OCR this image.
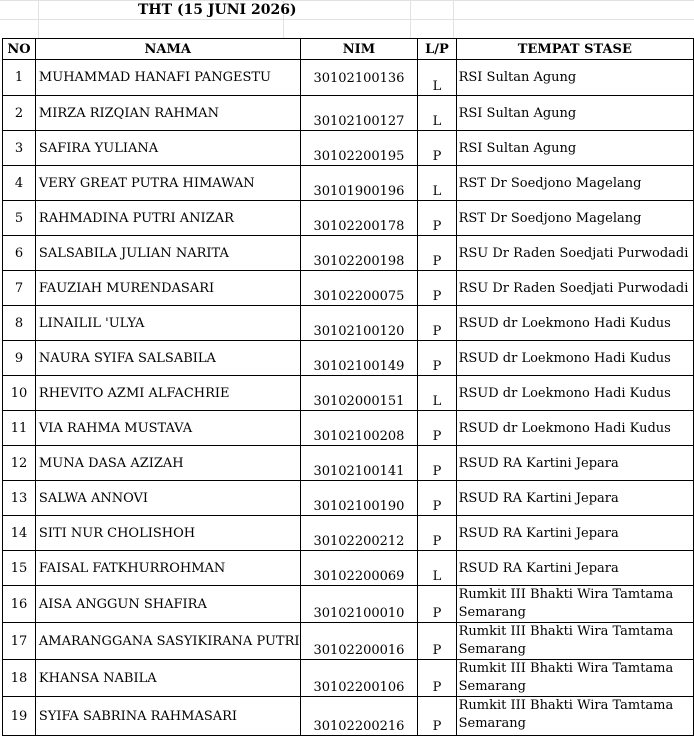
THT (15 JUNI 2026)
NO	NAMA	NIM	L/P	TEMPAT STASE
1	MUHAMMAD HANAFI PANGESTU	30102100136	L	RSI Sultan Agung
2	MIRZA RIZQIAN RAHMAN	30102100127	L	RSI Sultan Agung
3	SAFIRA YULIANA	30102200195	P	RSI Sultan Agung
4	VERY GREAT PUTRA HIMAWAN	30101900196	L	RST Dr Soedjono Magelang
5	RAHMADINA PUTRI ANIZAR	30102200178	P	RST Dr Soedjono Magelang
6	SALSABILA JULIAN NARITA	30102200198	P	RSU Dr Raden Soedjati Purwodadi
7	FAUZIAH MURENDASARI	30102200075	P	RSU Dr Raden Soedjati Purwodadi
8	LINAILIL 'ULYA	30102100120	P	RSUD dr Loekmono Hadi Kudus
9	NAURA SYIFA SALSABILA	30102100149	P	RSUD dr Loekmono Hadi Kudus
10	RHEVITO AZMI ALFACHRIE	30102000151	L	RSUD dr Loekmono Hadi Kudus
11	VIA RAHMA MUSTAVA	30102100208	P	RSUD dr Loekmono Hadi Kudus
12	MUNA DASA AZIZAH	30102100141	P	RSUD RA Kartini Jepara
13	SALWA ANNOVI	30102100190	P	RSUD RA Kartini Jepara
14	SITI NUR CHOLISHOH	30102200212	P	RSUD RA Kartini Jepara
15	FAISAL FATKHURROHMAN	30102200069	L	RSUD RA Kartini Jepara
16	AISA ANGGUN SHAFIRA	30102100010	P	Rumkit III Bhakti Wira Tamtama Semarang
17	AMARANGGANA SASYIKIRANA PUTRI	30102200016	P	Rumkit III Bhakti Wira Tamtama Semarang
18	KHANSA NABILA	30102200106	P	Rumkit III Bhakti Wira Tamtama Semarang
19	SYIFA SABRINA RAHMASARI	30102200216	P	Rumkit III Bhakti Wira Tamtama Semarang
